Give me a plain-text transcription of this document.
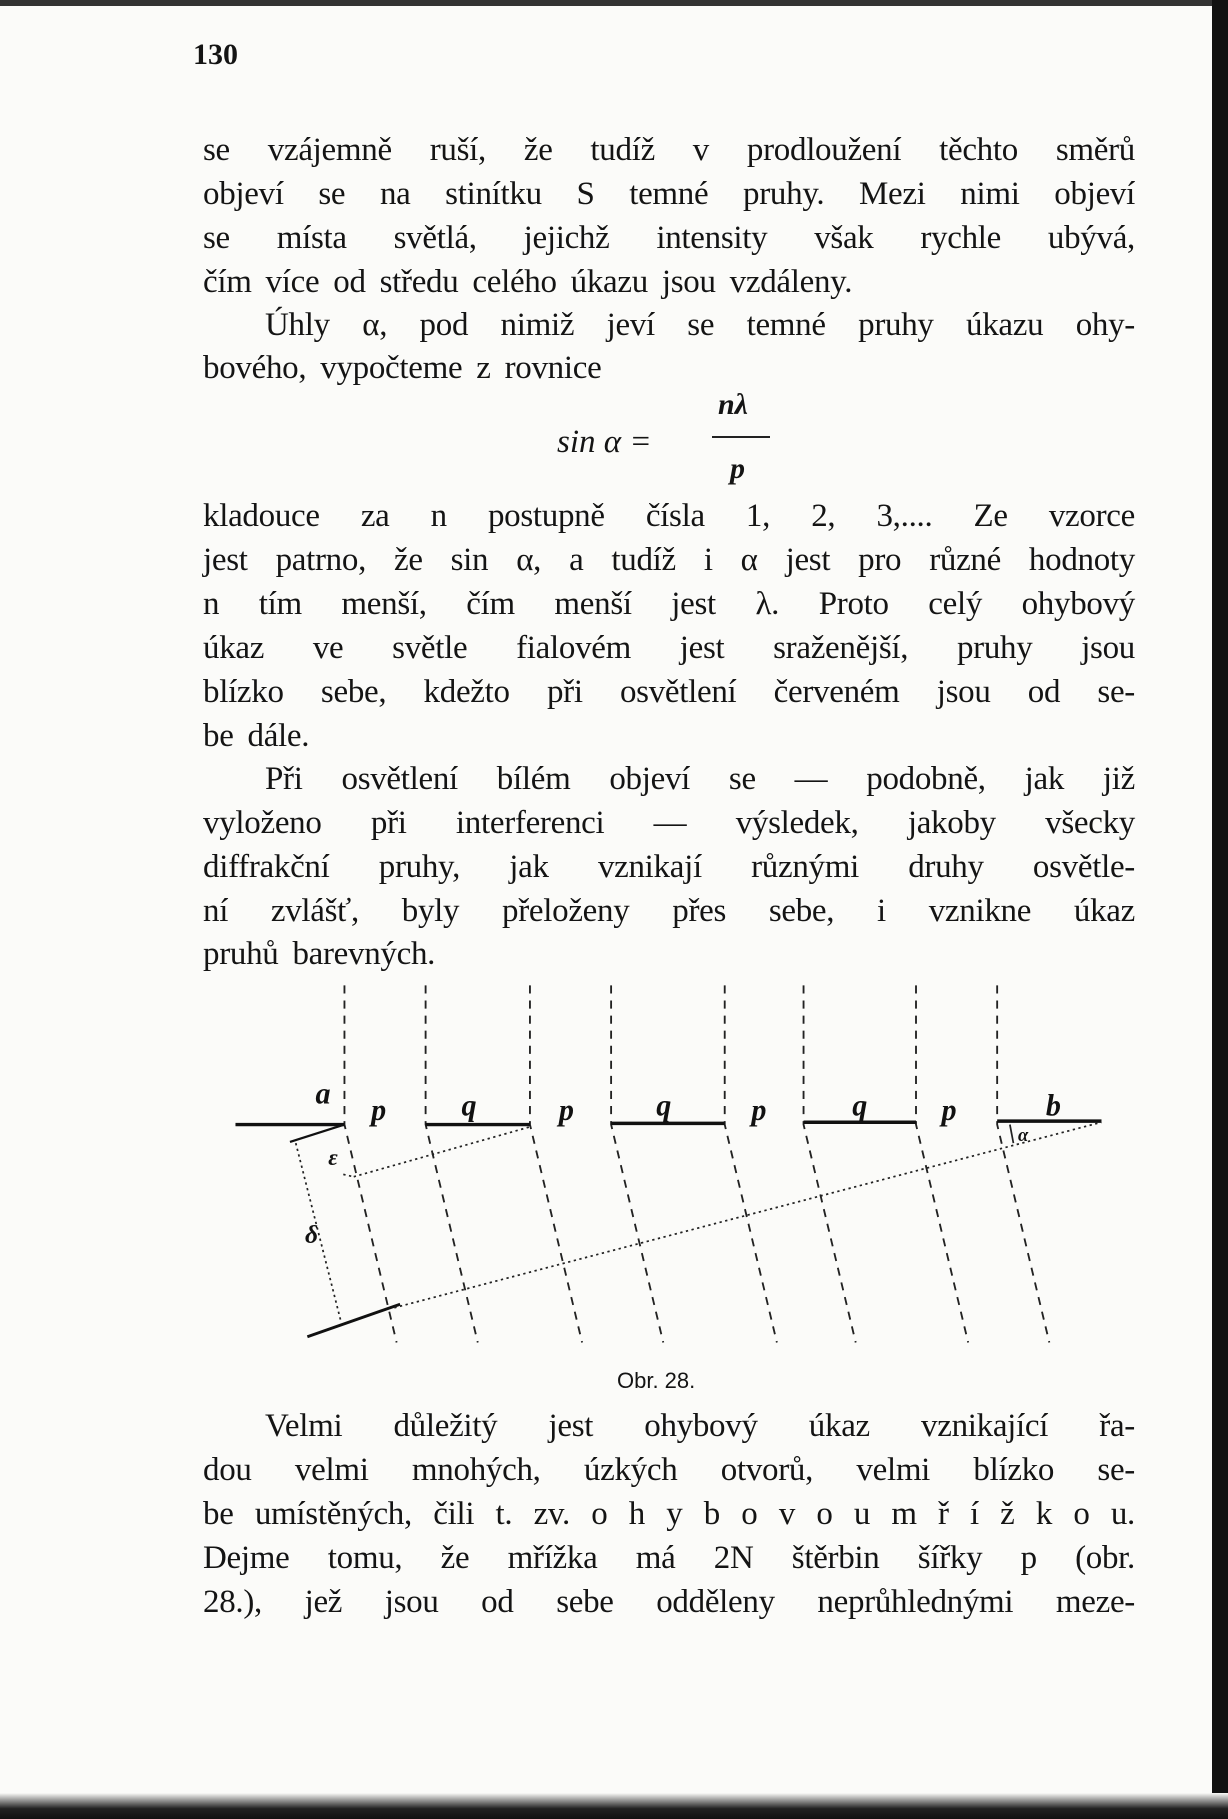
130
se vzájemně ruší, že tudíž v prodloužení těchto směrů
objeví se na stinítku S temné pruhy. Mezi nimi objeví
se místa světlá, jejichž intensity však rychle ubývá,
čím více od středu celého úkazu jsou vzdáleny.
Úhly α, pod nimiž jeví se temné pruhy úkazu ohy-
bového, vypočteme z rovnice
sin α =
nλ
p
kladouce za n postupně čísla 1, 2, 3,.... Ze vzorce
jest patrno, že sin α, a tudíž i α jest pro různé hodnoty
n tím menší, čím menší jest λ. Proto celý ohybový
úkaz ve světle fialovém jest sraženější, pruhy jsou
blízko sebe, kdežto při osvětlení červeném jsou od se-
be dále.
Při osvětlení bílém objeví se — podobně, jak již
vyloženo při interferenci — výsledek, jakoby všecky
diffrakční pruhy, jak vznikají různými druhy osvětle-
ní zvlášť, byly přeloženy přes sebe, i vznikne úkaz
pruhů barevných.
a p	q	p	q	p	q	p	b
ε
δ
α
Obr. 28.
Velmi důležitý jest ohybový úkaz vznikající řa-
dou velmi mnohých, úzkých otvorů, velmi blízko se-
be umístěných, čili t. zv. o h y b o v o u m ř í ž k o u.
Dejme tomu, že mřížka má 2N štěrbin šířky p (obr.
28.), jež jsou od sebe odděleny neprůhlednými meze-
